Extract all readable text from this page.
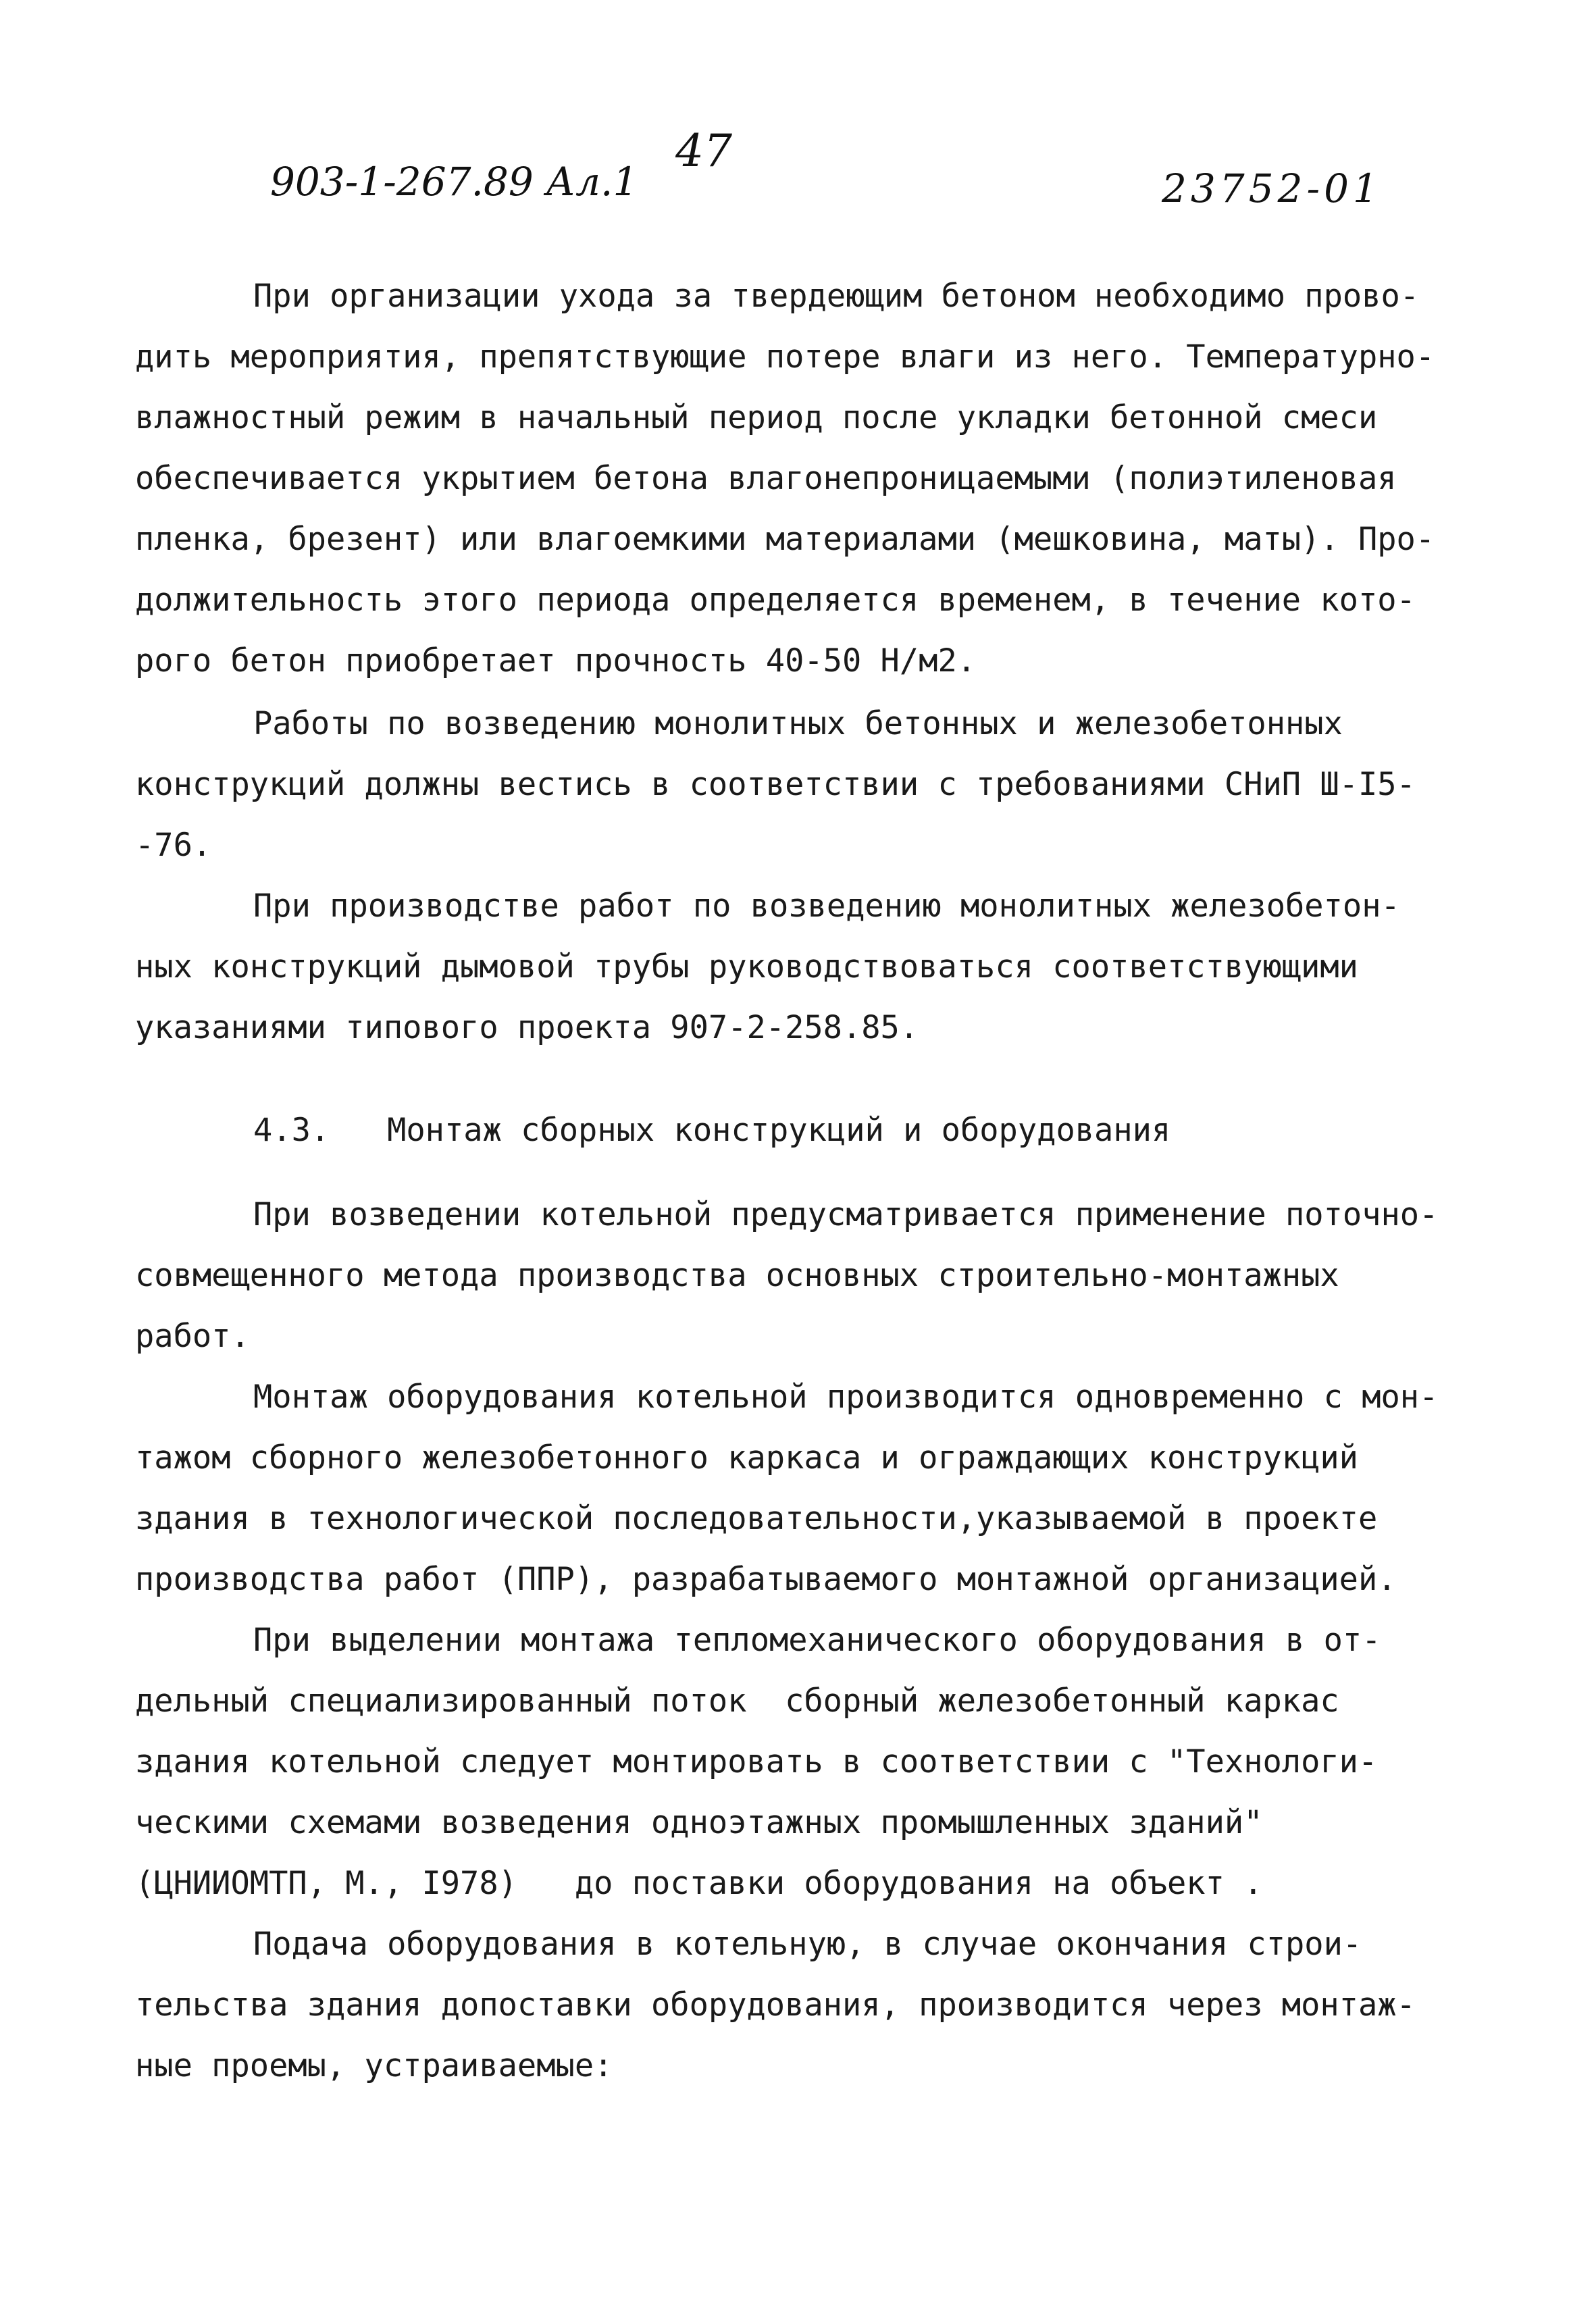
903-1-267.89 Ал.1
47
23752-01
При организации ухода за твердеющим бетоном необходимо прово-
дить мероприятия, препятствующие потере влаги из него. Температурно-
влажностный режим в начальный период после укладки бетонной смеси
обеспечивается укрытием бетона влагонепроницаемыми (полиэтиленовая
пленка, брезент) или влагоемкими материалами (мешковина, маты). Про-
должительность этого периода определяется временем, в течение кото-
рого бетон приобретает прочность 40-50 Н/м2.
Работы по возведению монолитных бетонных и железобетонных
конструкций должны вестись в соответствии с требованиями СНиП Ш-I5-
-76.
При производстве работ по возведению монолитных железобетон-
ных конструкций дымовой трубы руководствоваться соответствующими
указаниями типового проекта 907-2-258.85.
4.3.   Монтаж сборных конструкций и оборудования
При возведении котельной предусматривается применение поточно-
совмещенного метода производства основных строительно-монтажных
работ.
Монтаж оборудования котельной производится одновременно с мон-
тажом сборного железобетонного каркаса и ограждающих конструкций
здания в технологической последовательности,указываемой в проекте
производства работ (ППР), разрабатываемого монтажной организацией.
При выделении монтажа тепломеханического оборудования в от-
дельный специализированный поток  сборный железобетонный каркас
здания котельной следует монтировать в соответствии с "Технологи-
ческими схемами возведения одноэтажных промышленных зданий"
(ЦНИИОМТП, М., I978)   до поставки оборудования на объект .
Подача оборудования в котельную, в случае окончания строи-
тельства здания допоставки оборудования, производится через монтаж-
ные проемы, устраиваемые:
